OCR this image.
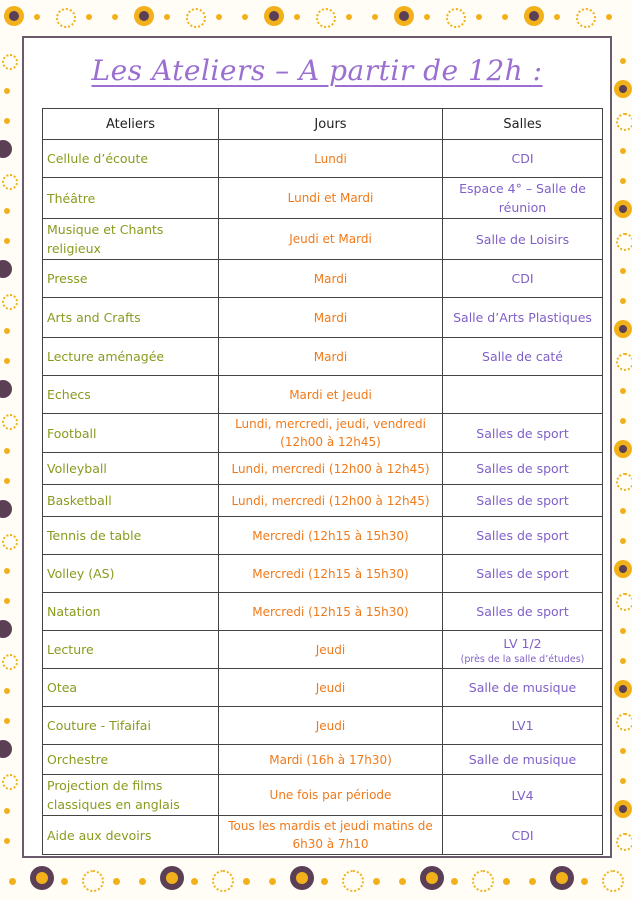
Les Ateliers – A partir de 12h :
Ateliers	Jours	Salles
Cellule d’écoute	Lundi	CDI
Théâtre	Lundi et Mardi	Espace 4° – Salle de réunion
Musique et Chants religieux	Jeudi et Mardi	Salle de Loisirs
Presse	Mardi	CDI
Arts and Crafts	Mardi	Salle d’Arts Plastiques
Lecture aménagée	Mardi	Salle de caté
Echecs	Mardi et Jeudi	
Football	Lundi, mercredi, jeudi, vendredi (12h00 à 12h45)	Salles de sport
Volleyball	Lundi, mercredi (12h00 à 12h45)	Salles de sport
Basketball	Lundi, mercredi (12h00 à 12h45)	Salles de sport
Tennis de table	Mercredi (12h15 à 15h30)	Salles de sport
Volley (AS)	Mercredi (12h15 à 15h30)	Salles de sport
Natation	Mercredi (12h15 à 15h30)	Salles de sport
Lecture	Jeudi	LV 1/2
(près de la salle d’études)

Otea	Jeudi	Salle de musique
Couture - Tifaifai	Jeudi	LV1
Orchestre	Mardi (16h à 17h30)	Salle de musique
Projection de films classiques en anglais	Une fois par période	LV4
Aide aux devoirs	Tous les mardis et jeudi matins de 6h30 à 7h10	CDI
